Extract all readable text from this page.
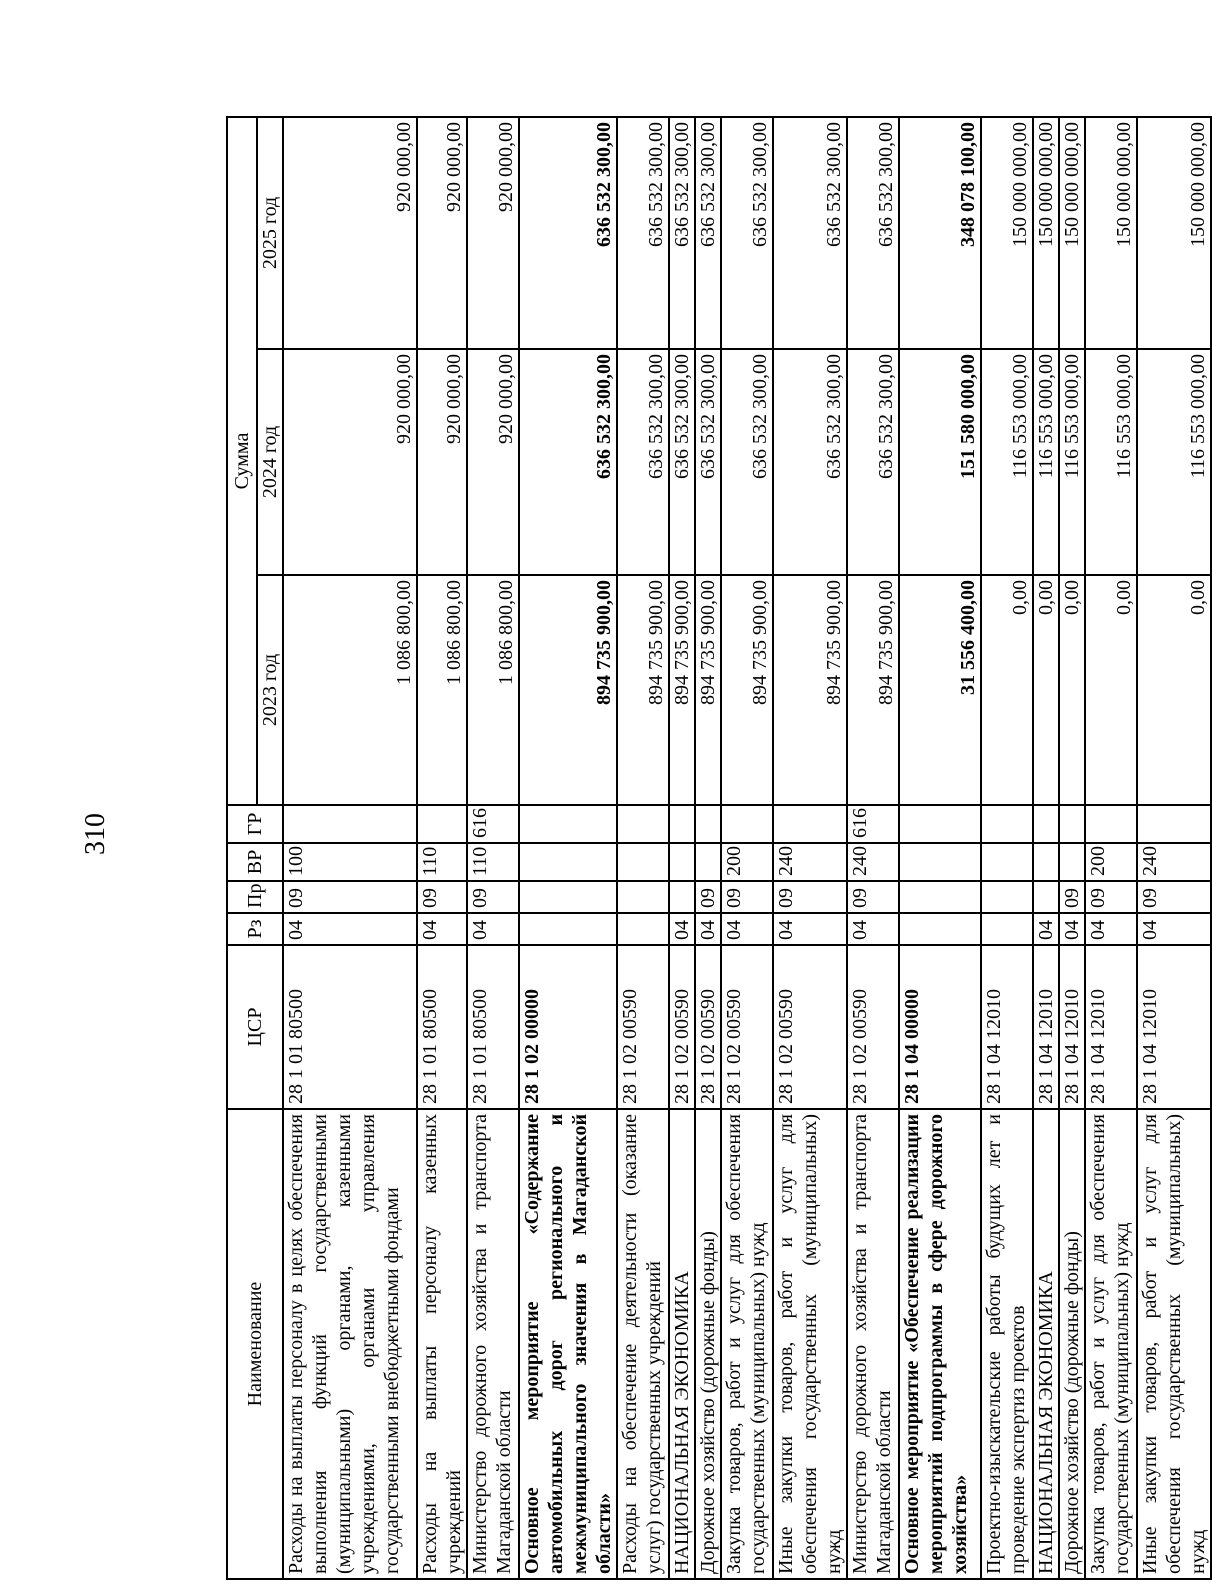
310
Наименование	ЦСР	Рз	Пр	ВР	ГР	Сумма		
						2023 год	2024 год	2025 год
Расходы на выплаты персоналу в целях обеспечения выполнения функций государственными (муниципальными) органами, казенными учреждениями, органами управления государственными внебюджетными фондами	28 1 01 80500	04	09	100		1 086 800,00	920 000,00	920 000,00
Расходы на выплаты персоналу казенных учреждений	28 1 01 80500	04	09	110		1 086 800,00	920 000,00	920 000,00
Министерство дорожного хозяйства и транспорта Магаданской области	28 1 01 80500	04	09	110	616	1 086 800,00	920 000,00	920 000,00
Основное мероприятие «Содержание автомобильных дорог регионального и межмуниципального значения в Магаданской области»	28 1 02 00000					894 735 900,00	636 532 300,00	636 532 300,00
Расходы на обеспечение деятельности (оказание услуг) государственных учреждений	28 1 02 00590					894 735 900,00	636 532 300,00	636 532 300,00
НАЦИОНАЛЬНАЯ ЭКОНОМИКА	28 1 02 00590	04				894 735 900,00	636 532 300,00	636 532 300,00
Дорожное хозяйство (дорожные фонды)	28 1 02 00590	04	09			894 735 900,00	636 532 300,00	636 532 300,00
Закупка товаров, работ и услуг для обеспечения государственных (муниципальных) нужд	28 1 02 00590	04	09	200		894 735 900,00	636 532 300,00	636 532 300,00
Иные закупки товаров, работ и услуг для обеспечения государственных (муниципальных) нужд	28 1 02 00590	04	09	240		894 735 900,00	636 532 300,00	636 532 300,00
Министерство дорожного хозяйства и транспорта Магаданской области	28 1 02 00590	04	09	240	616	894 735 900,00	636 532 300,00	636 532 300,00
Основное мероприятие «Обеспечение реализации мероприятий подпрограммы в сфере дорожного хозяйства»	28 1 04 00000					31 556 400,00	151 580 000,00	348 078 100,00
Проектно-изыскательские работы будущих лет и проведение экспертиз проектов	28 1 04 12010					0,00	116 553 000,00	150 000 000,00
НАЦИОНАЛЬНАЯ ЭКОНОМИКА	28 1 04 12010	04				0,00	116 553 000,00	150 000 000,00
Дорожное хозяйство (дорожные фонды)	28 1 04 12010	04	09			0,00	116 553 000,00	150 000 000,00
Закупка товаров, работ и услуг для обеспечения государственных (муниципальных) нужд	28 1 04 12010	04	09	200		0,00	116 553 000,00	150 000 000,00
Иные закупки товаров, работ и услуг для обеспечения государственных (муниципальных) нужд	28 1 04 12010	04	09	240		0,00	116 553 000,00	150 000 000,00
